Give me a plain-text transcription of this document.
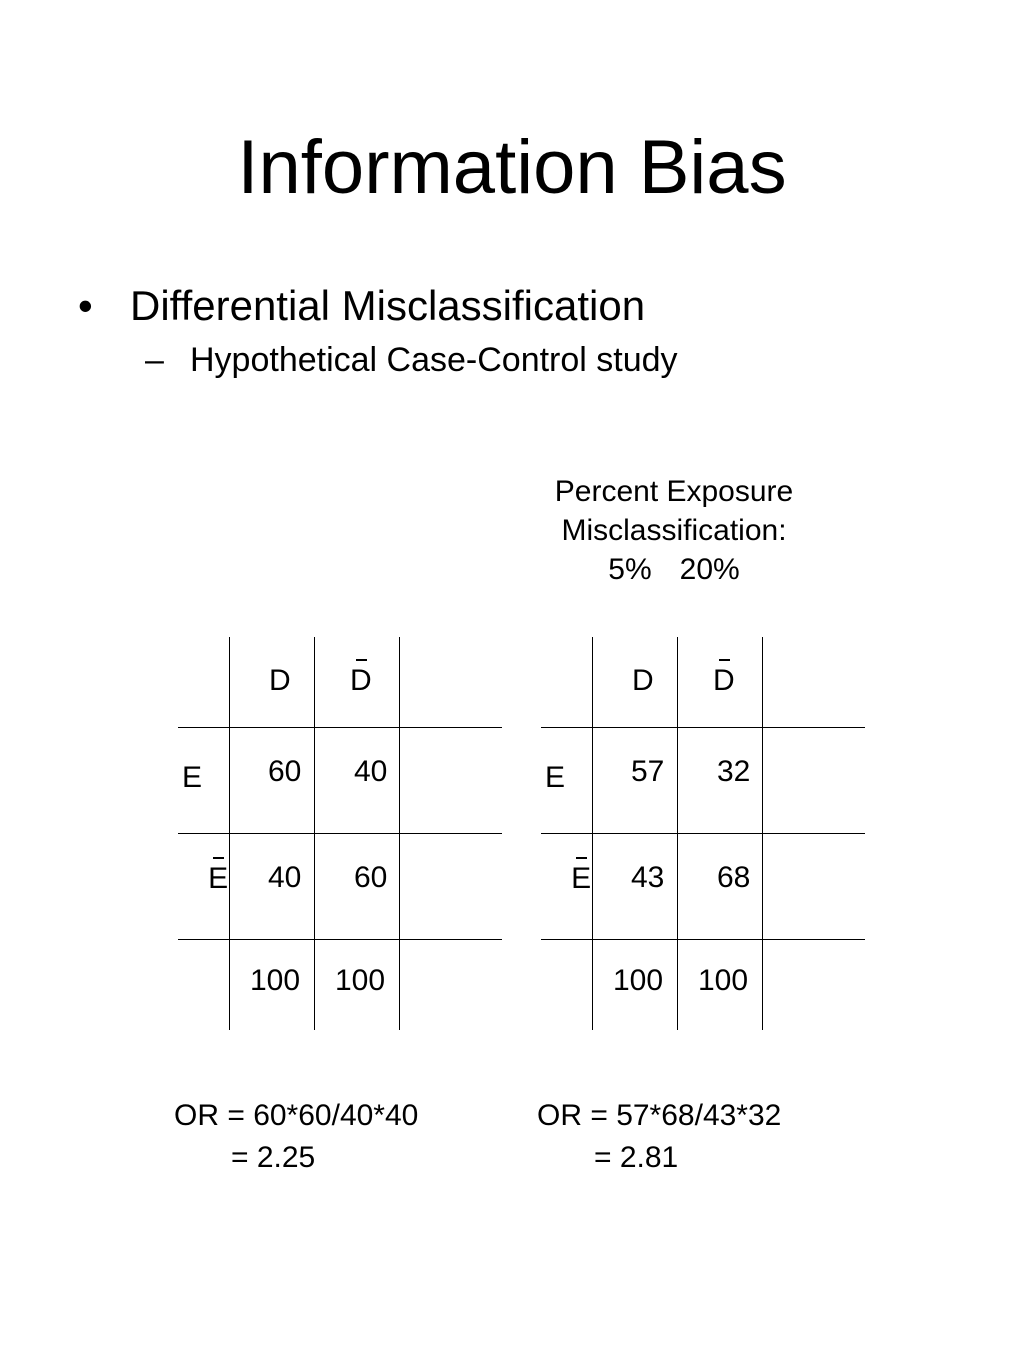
Information Bias
• Differential Misclassification
– Hypothetical Case-Control study
Percent Exposure
Misclassification:
5% 20%
D D
E
E
60 40
40 60
100 100
D D
E
E
57 32
43 68
100 100
OR = 60*60/40*40
= 2.25
OR = 57*68/43*32
= 2.81
